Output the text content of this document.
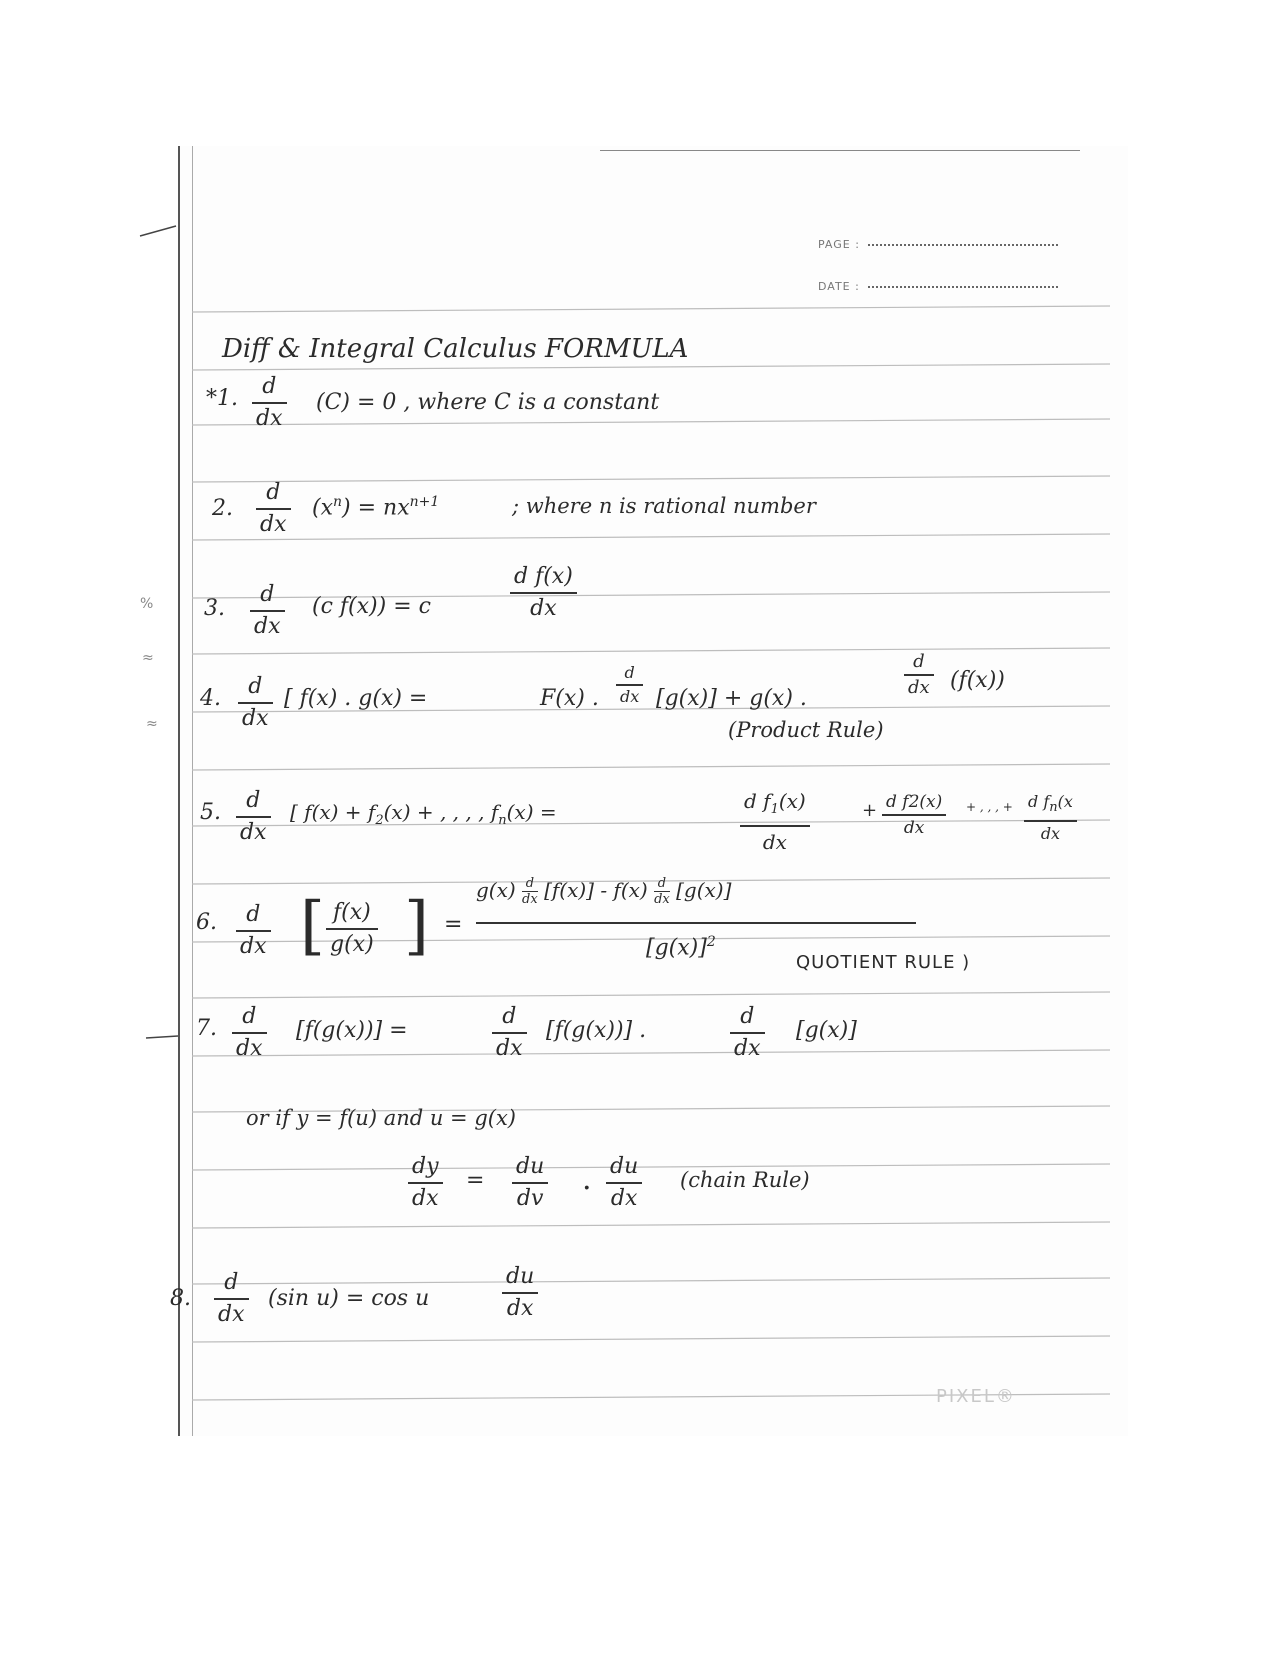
PAGE :
DATE :
Diff & Integral Calculus FORMULA
*1. d
dx
(C) = 0 , where C is a constant
2.
d
dx
$(x^n) = nx^{n+1}$	; where n is rational number
3.
d
dx
(c f(x)) = c
d f(x)
dx
4. d
dx
[ f(x) . g(x) =	F(x) .
d
dx [g(x)] + g(x) .
d
dx (f(x))
(Product Rule)
5. d
dx
[ $f(x) + f_2(x)$ + , , , , $f_n(x)$ =	d $f_1(x)$
dx
+ d f2(x)
dx
+ , , , + d $f_n(x$
dx
6. d
dx [ f(x)
g(x) ] =
$g(x) \frac{d}{dx} [f(x)] - f(x) \frac{d}{dx} [g(x)]$
$[g(x)]^2$
QUOTIENT RULE )
7. d
dx
[f(g(x))] =
d
dx
[f(g(x))] .
d
dx
[g(x)]
or if y = f(u) and u = g(x)
dy
dx
=
du
dv
. du
dx
(chain Rule)
8.
d
dx
(sin u) = cos u
du
dx
%
≈
≈
PIXEL®
